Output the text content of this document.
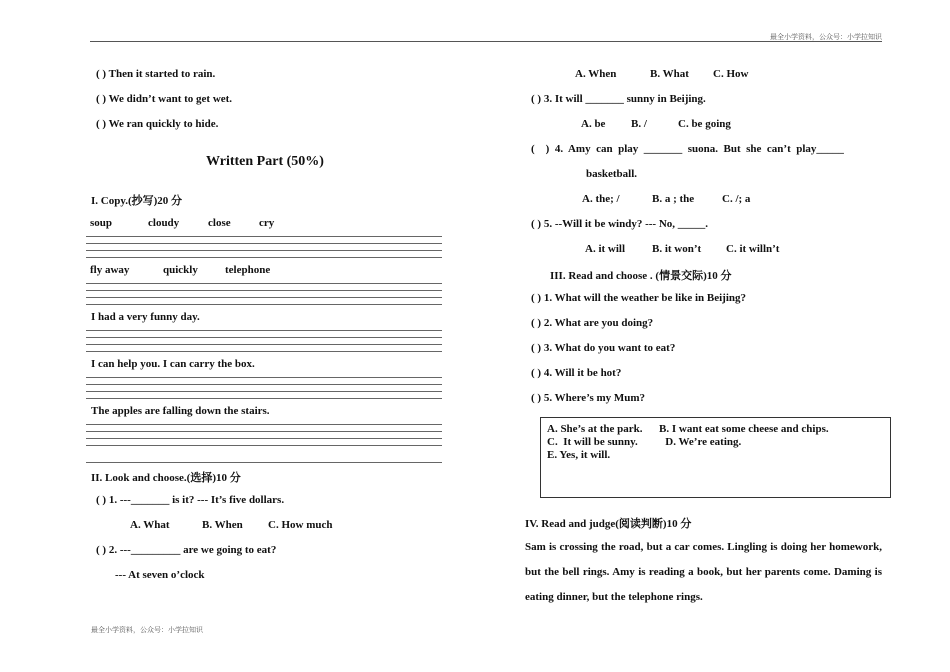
最全小学资料，公众号：小学拉知识
( ) Then it started to rain.
( ) We didn’t want to get wet.
( ) We ran quickly to hide.
Written Part (50%)
I. Copy.(抄写)20 分
soup	cloudy	close	cry
fly away	quickly telephone
I had a very funny day.
I can help you. I can carry the box.
The apples are falling down the stairs.
II. Look and choose.(选择)10 分
( ) 1. ---_______ is it? --- It’s five dollars.
A. What	B. When C. How much
( ) 2. ---_________ are we going to eat?
--- At seven o’clock
A. When	B. What C. How
( ) 3. It will _______ sunny in Beijing.
A. be B. /	C. be going
(    )  4.  Amy  can  play  _______  suona.  But  she  can’t  play_____
basketball.
A. the; /	B. a ; the	C. /; a
( ) 5. --Will it be windy? --- No, _____.
A. it will B. it won’t C. it willn’t
III. Read and choose . (情景交际)10 分
( ) 1. What will the weather be like in Beijing?
( ) 2. What are you doing?
( ) 3. What do you want to eat?
( ) 4. Will it be hot?
( ) 5. Where’s my Mum?
A. She’s at the park.      B. I want eat some cheese and chips.
C.  It will be sunny.          D. We’re eating.
E. Yes, it will.
IV. Read and judge(阅读判断)10 分
Sam is crossing the road, but a car comes. Lingling is doing her homework, but the bell rings. Amy is reading a book, but her parents come. Daming is eating dinner, but the telephone rings.
最全小学资料，公众号：小学拉知识
